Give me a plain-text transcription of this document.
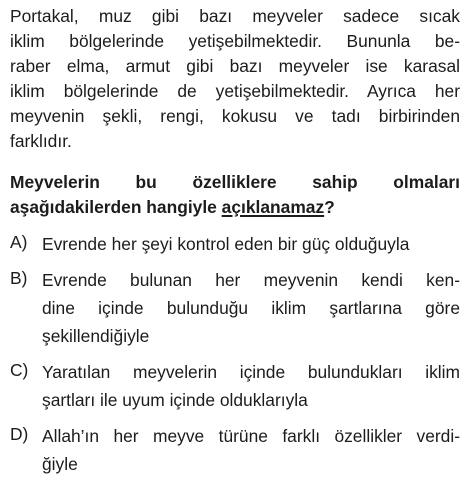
Portakal, muz gibi bazı meyveler sadece sıcak
iklim bölgelerinde yetişebilmektedir. Bununla be-
raber elma, armut gibi bazı meyveler ise karasal
iklim bölgelerinde de yetişebilmektedir. Ayrıca her
meyvenin şekli, rengi, kokusu ve tadı birbirinden
farklıdır.
Meyvelerin bu özelliklere sahip olmaları
aşağıdakilerden hangiyle açıklanamaz?
A) Evrende her şeyi kontrol eden bir güç olduğuyla
B) Evrende bulunan her meyvenin kendi ken-
dine içinde bulunduğu iklim şartlarına göre
şekillendiğiyle
C) Yaratılan meyvelerin içinde bulundukları iklim
şartları ile uyum içinde olduklarıyla
D) Allah’ın her meyve türüne farklı özellikler verdi-
ğiyle
